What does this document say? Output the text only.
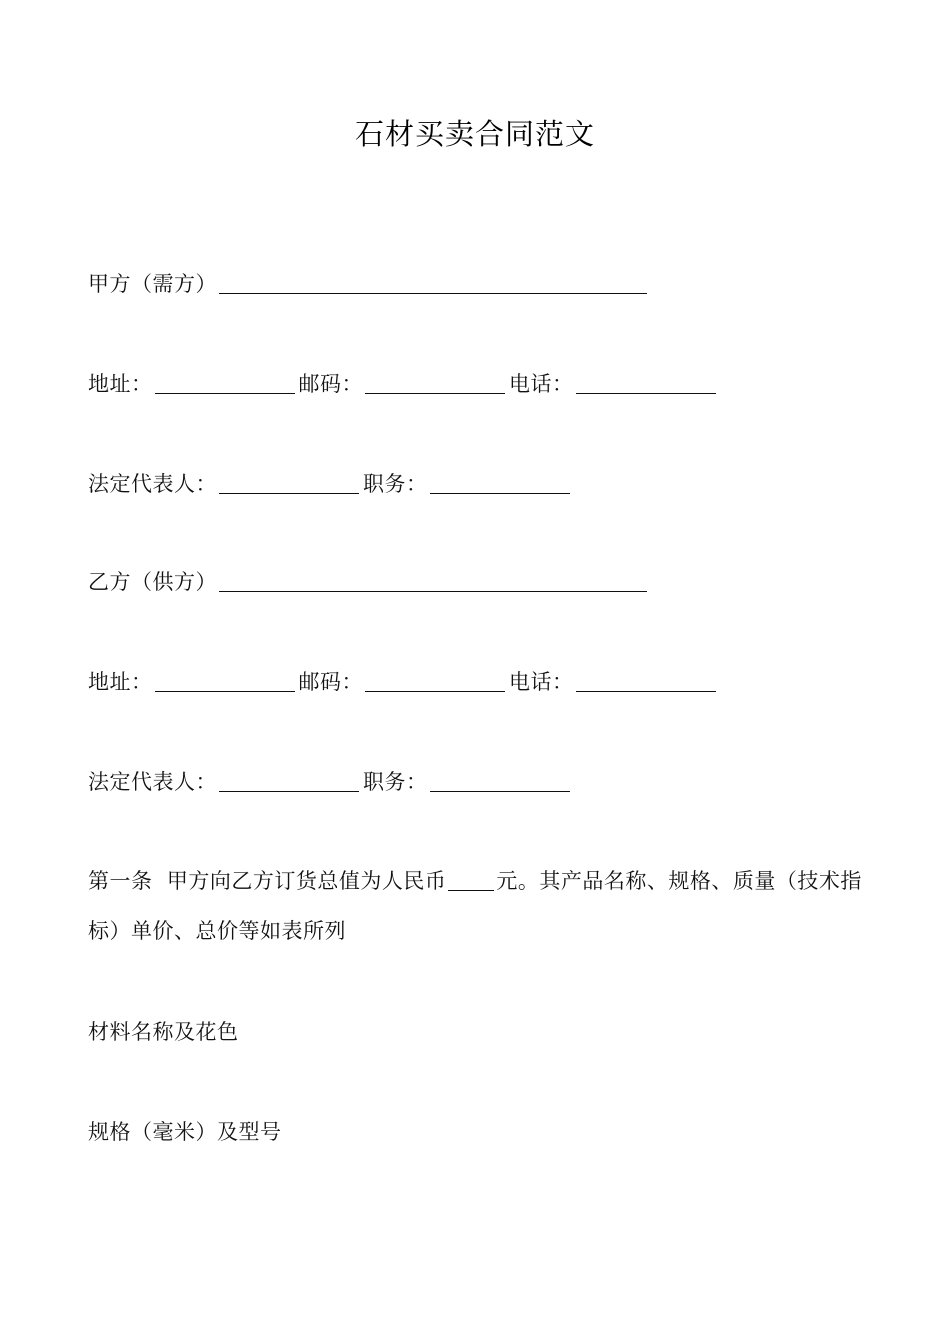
石材买卖合同范文
甲方（需方）
地址：	邮码：	电话：
法定代表人：	职务：
乙方（供方）
地址：	邮码：	电话：
法定代表人：	职务：
第一条  甲方向乙方订货总值为人民币 元。其产品名称、规格、质量（技术指标）单价、总价等如表所列
材料名称及花色
规格（毫米）及型号
